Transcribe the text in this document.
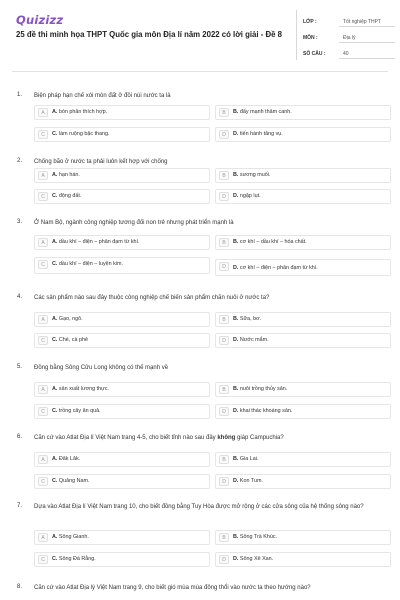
Quizizz
25 đề thi minh họa THPT Quốc gia môn Địa lí năm 2022 có lời giải - Đề 8
LỚP :	Tốt nghiệp THPT
MÔN :	Địa lý
SỐ CÂU :	40
1. Biện pháp hạn chế xói mòn đất ở đồi núi nước ta là
A	A. bón phân thích hợp.	B	B. đẩy mạnh thâm canh.
C	C. làm ruộng bậc thang.	D	D. tiến hành tăng vụ.
2. Chống bão ở nước ta phải luôn kết hợp với chống
A	A. hạn hán.	B	B. sương muối.
C	C. động đất.	D	D. ngập lụt.
3. Ở Nam Bộ, ngành công nghiệp tương đối non trẻ nhưng phát triển mạnh là
A	A. dầu khí – điện – phân đạm từ khí.	B	B. cơ khí – dầu khí – hóa chất.
C	C. dầu khí – điện – luyện kim.	D	D. cơ khí – điện – phân đạm từ khí.
4. Các sản phẩm nào sau đây thuộc công nghiệp chế biến sản phẩm chăn nuôi ở nước ta?
A	A. Gạo, ngô.	B	B. Sữa, bơ.
C	C. Chè, cà phê	D	D. Nước mắm.
5. Đồng bằng Sông Cửu Long không có thế mạnh về
A	A. sản xuất lương thực.	B	B. nuôi trồng thủy sản.
C	C. trồng cây ăn quả.	D	D. khai thác khoáng sản.
6. Căn cứ vào Atlat Địa lí Việt Nam trang 4-5, cho biết tỉnh nào sau đây không giáp Campuchia?
A	A. Đăk Lăk.	B	B. Gia Lai.
C	C. Quảng Nam.	D	D. Kon Tum.
7. Dựa vào Atlat Địa lí Việt Nam trang 10, cho biết đồng bằng Tuy Hòa được mở rộng ở các cửa sông của hệ thống sông nào?
A	A. Sông Gianh.	B	B. Sông Trà Khúc.
C	C. Sông Đà Rằng.	D	D. Sông Xê Xan.
8. Căn cứ vào Atlat Địa lý Việt Nam trang 9, cho biết gió mùa mùa đông thổi vào nước ta theo hướng nào?
